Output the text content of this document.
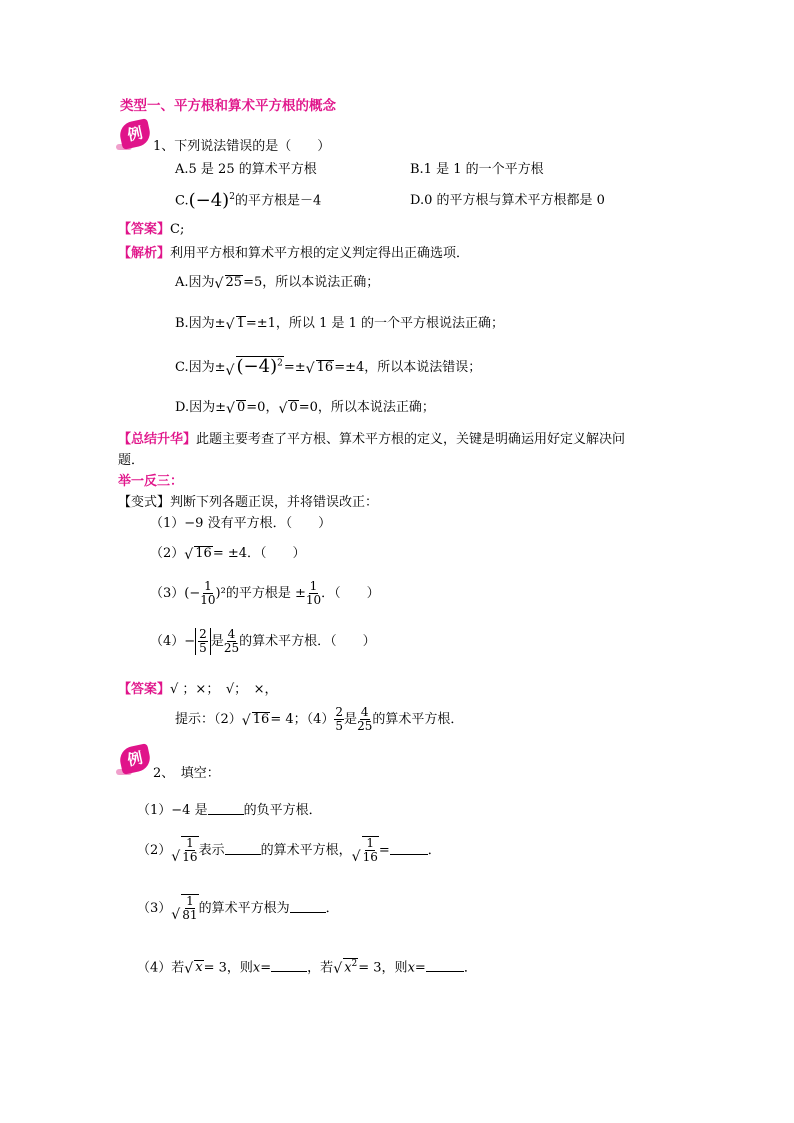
类型一、平方根和算术平方根的概念
例
1、下列说法错误的是（　　）
A.5 是 25 的算术平方根	B.1 是 1 的一个平方根
$C.(-4)^2$的平方根是－4	D.0 的平方根与算术平方根都是 0
【答案】C;
【解析】利用平方根和算术平方根的定义判定得出正确选项．
A.因为 √ 25=5，所以本说法正确；
B.因为± √ 1=±1，所以 1 是 1 的一个平方根说法正确；
C.因为± √ $(-4)^2=\pm$ √ 16=±4，所以本说法错误；
D.因为± √ 0=0， √ 0=0，所以本说法正确；
【总结升华】此题主要考查了平方根、算术平方根的定义，关键是明确运用好定义解决问
题．
举一反三：
【变式】判断下列各题正误，并将错误改正：
（1）−9 没有平方根．（　　）
（2） √ 16= ±4．（　　）
$(3)(- \frac{1}{10} )^2$的平方根是 ± $\frac{1}{10}$ ．（　　）
$(4)- \frac{2}{5}$ 是 $\frac{4}{25}$ 的算术平方根．（　　）
【答案】√ ；×；　√；　×，
提示：（2） √ 16= 4；$(4) \frac{2}{5}$ 是 $\frac{4}{25}$ 的算术平方根．
例
2、　填空：
（1）−4 是	的负平方根．
（2） √ $\frac{1}{16}$ 表示	的算术平方根， √ $\frac{1}{16}$ =	．
（3） √ $\frac{1}{81}$ 的算术平方根为	．
（4）若 √ x= 3，则x=	，若 √ $x^2= 3$，则x=	．
